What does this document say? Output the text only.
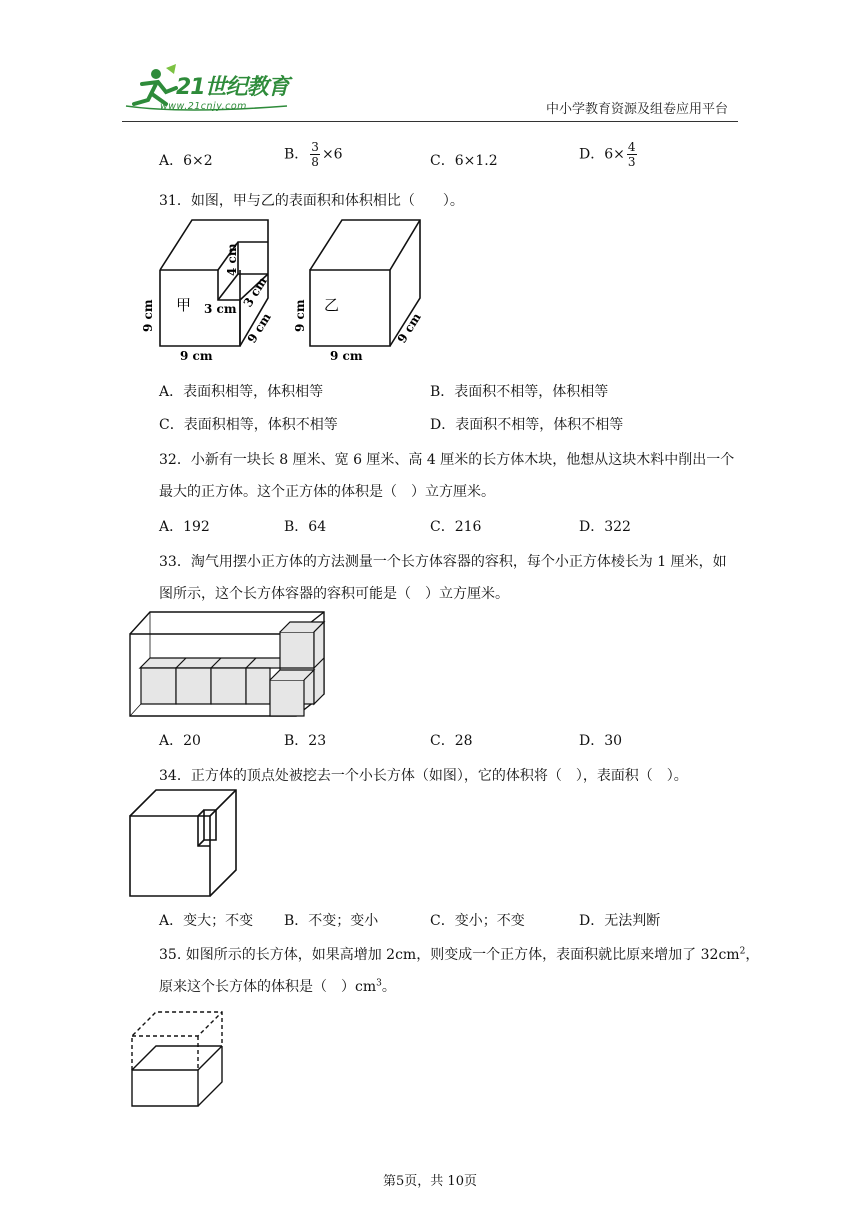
21世纪教育
www.21cnjy.com	中小学教育资源及组卷应用平台
A．6×2	B． $\frac{3}{8} \times 6$	C．6×1.2	D．$6\times \frac{4}{3}$
31．如图，甲与乙的表面积和体积相比（　　）。
甲	乙
9 cm	9 cm
9 cm	9 cm
9 cm	9 cm
3 cm 3 cm
4 cm
A．表面积相等，体积相等	B．表面积不相等，体积相等
C．表面积相等，体积不相等	D．表面积不相等，体积不相等
32．小新有一块长 8 厘米、宽 6 厘米、高 4 厘米的长方体木块，他想从这块木料中削出一个
最大的正方体。这个正方体的体积是（　）立方厘米。
A．192	B．64	C．216	D．322
33．淘气用摆小正方体的方法测量一个长方体容器的容积，每个小正方体棱长为 1 厘米，如
图所示，这个长方体容器的容积可能是（　）立方厘米。
A．20	B．23	C．28	D．30
34．正方体的顶点处被挖去一个小长方体（如图），它的体积将（　），表面积（　）。
A．变大；不变 B．不变；变小	C．变小；不变	D．无法判断
35. 如图所示的长方体，如果高增加 2cm，则变成一个正方体，表面积就比原来增加了 $32cm^2$，
原来这个长方体的体积是（　）$cm^3$。
第5页，共 10页
